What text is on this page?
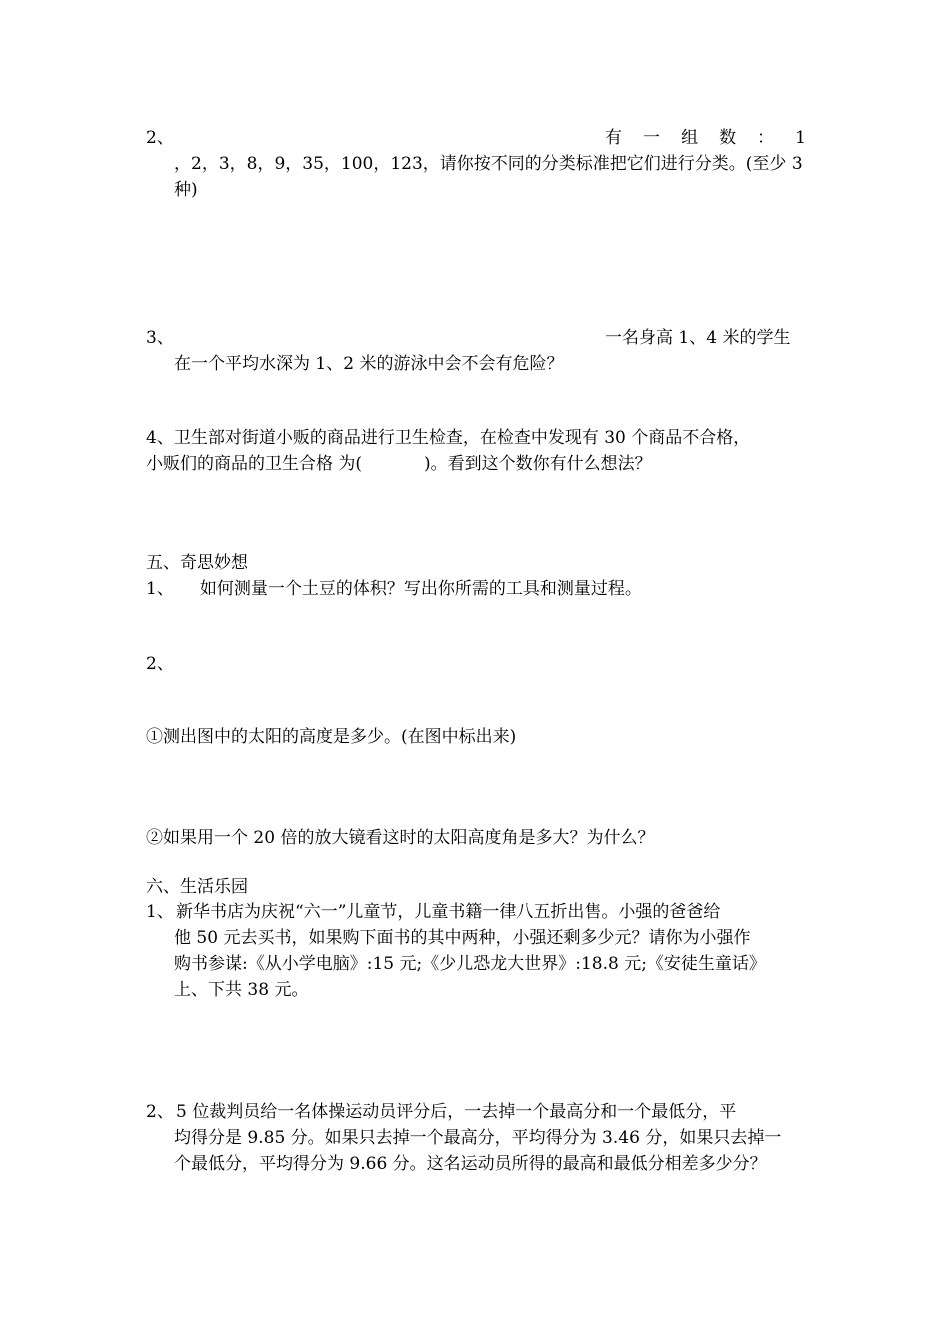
2、	有 一 组 数 ： 1
，2，3，8，9，35，100，123，请你按不同的分类标准把它们进行分类。(至少 3
种)
3、	一名身高 1、4 米的学生
在一个平均水深为 1、2 米的游泳中会不会有危险？
4、卫生部对街道小贩的商品进行卫生检查，在检查中发现有 30 个商品不合格，
小贩们的商品的卫生合格 为(	)。看到这个数你有什么想法？
五、奇思妙想
1、 如何测量一个土豆的体积？写出你所需的工具和测量过程。
2、
①测出图中的太阳的高度是多少。(在图中标出来)
②如果用一个 20 倍的放大镜看这时的太阳高度角是多大？为什么？
六、生活乐园
1、 新华书店为庆祝“六一”儿童节，儿童书籍一律八五折出售。小强的爸爸给
他 50 元去买书，如果购下面书的其中两种，小强还剩多少元？请你为小强作
购书参谋:《从小学电脑》:15 元;《少儿恐龙大世界》:18.8 元;《安徒生童话》
上、下共 38 元。
2、 5 位裁判员给一名体操运动员评分后，一去掉一个最高分和一个最低分，平
均得分是 9.85 分。如果只去掉一个最高分，平均得分为 3.46 分，如果只去掉一
个最低分，平均得分为 9.66 分。这名运动员所得的最高和最低分相差多少分？
